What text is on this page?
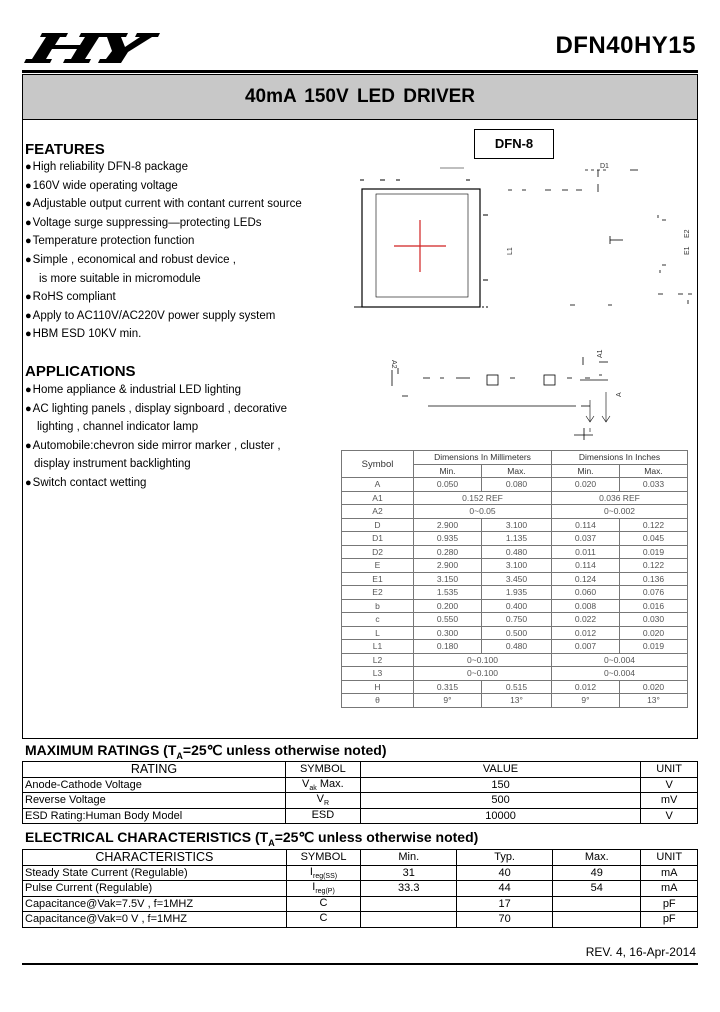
DFN40HY15
40mA 150V LED DRIVER
FEATURES
● High reliability DFN-8 package
● 160V wide operating voltage
● Adjustable output current with contant current source
● Voltage surge suppressing—protecting LEDs
● Temperature protection function
● Simple , economical and robust device ,
is more suitable in micromodule
● RoHS compliant
● Apply to AC110V/AC220V power supply system
● HBM ESD 10KV min.
APPLICATIONS
● Home appliance & industrial LED lighting
● AC lighting panels , display signboard , decorative
lighting , channel indicator lamp
● Automobile:chevron side mirror marker , cluster ,
display instrument backlighting
● Switch contact wetting
DFN-8
D1
E2
E1
L1
A2
A1
A
Symbol	Dimensions In Millimeters		Dimensions In Inches	
	Min.	Max.	Min.	Max.
A	0.050	0.080	0.020	0.033
A1	0.152 REF		0.036 REF	
A2	0~0.05		0~0.002	
D	2.900	3.100	0.114	0.122
D1	0.935	1.135	0.037	0.045
D2	0.280	0.480	0.011	0.019
E	2.900	3.100	0.114	0.122
E1	3.150	3.450	0.124	0.136
E2	1.535	1.935	0.060	0.076
b	0.200	0.400	0.008	0.016
c	0.550	0.750	0.022	0.030
L	0.300	0.500	0.012	0.020
L1	0.180	0.480	0.007	0.019
L2	0~0.100		0~0.004	
L3	0~0.100		0~0.004	
H	0.315	0.515	0.012	0.020
θ	9°	13°	9°	13°
MAXIMUM RATINGS ($T_A=25℃$ unless otherwise noted)
RATING	SYMBOL	VALUE	UNIT
Anode-Cathode Voltage	$V_{ak}$ Max.	150	V
Reverse Voltage	$V_R$	500	mV
ESD Rating:Human Body Model	ESD	10000	V
ELECTRICAL CHARACTERISTICS ($T_A=25℃$ unless otherwise noted)
CHARACTERISTICS	SYMBOL	Min.	Typ.	Max.	UNIT
Steady State Current (Regulable)	$I_{reg(SS)}$	31	40	49	mA
Pulse Current (Regulable)	$I_{reg(P)}$	33.3	44	54	mA
Capacitance@Vak=7.5V , f=1MHZ	C		17		pF
Capacitance@Vak=0 V , f=1MHZ	C		70		pF
REV. 4, 16-Apr-2014
